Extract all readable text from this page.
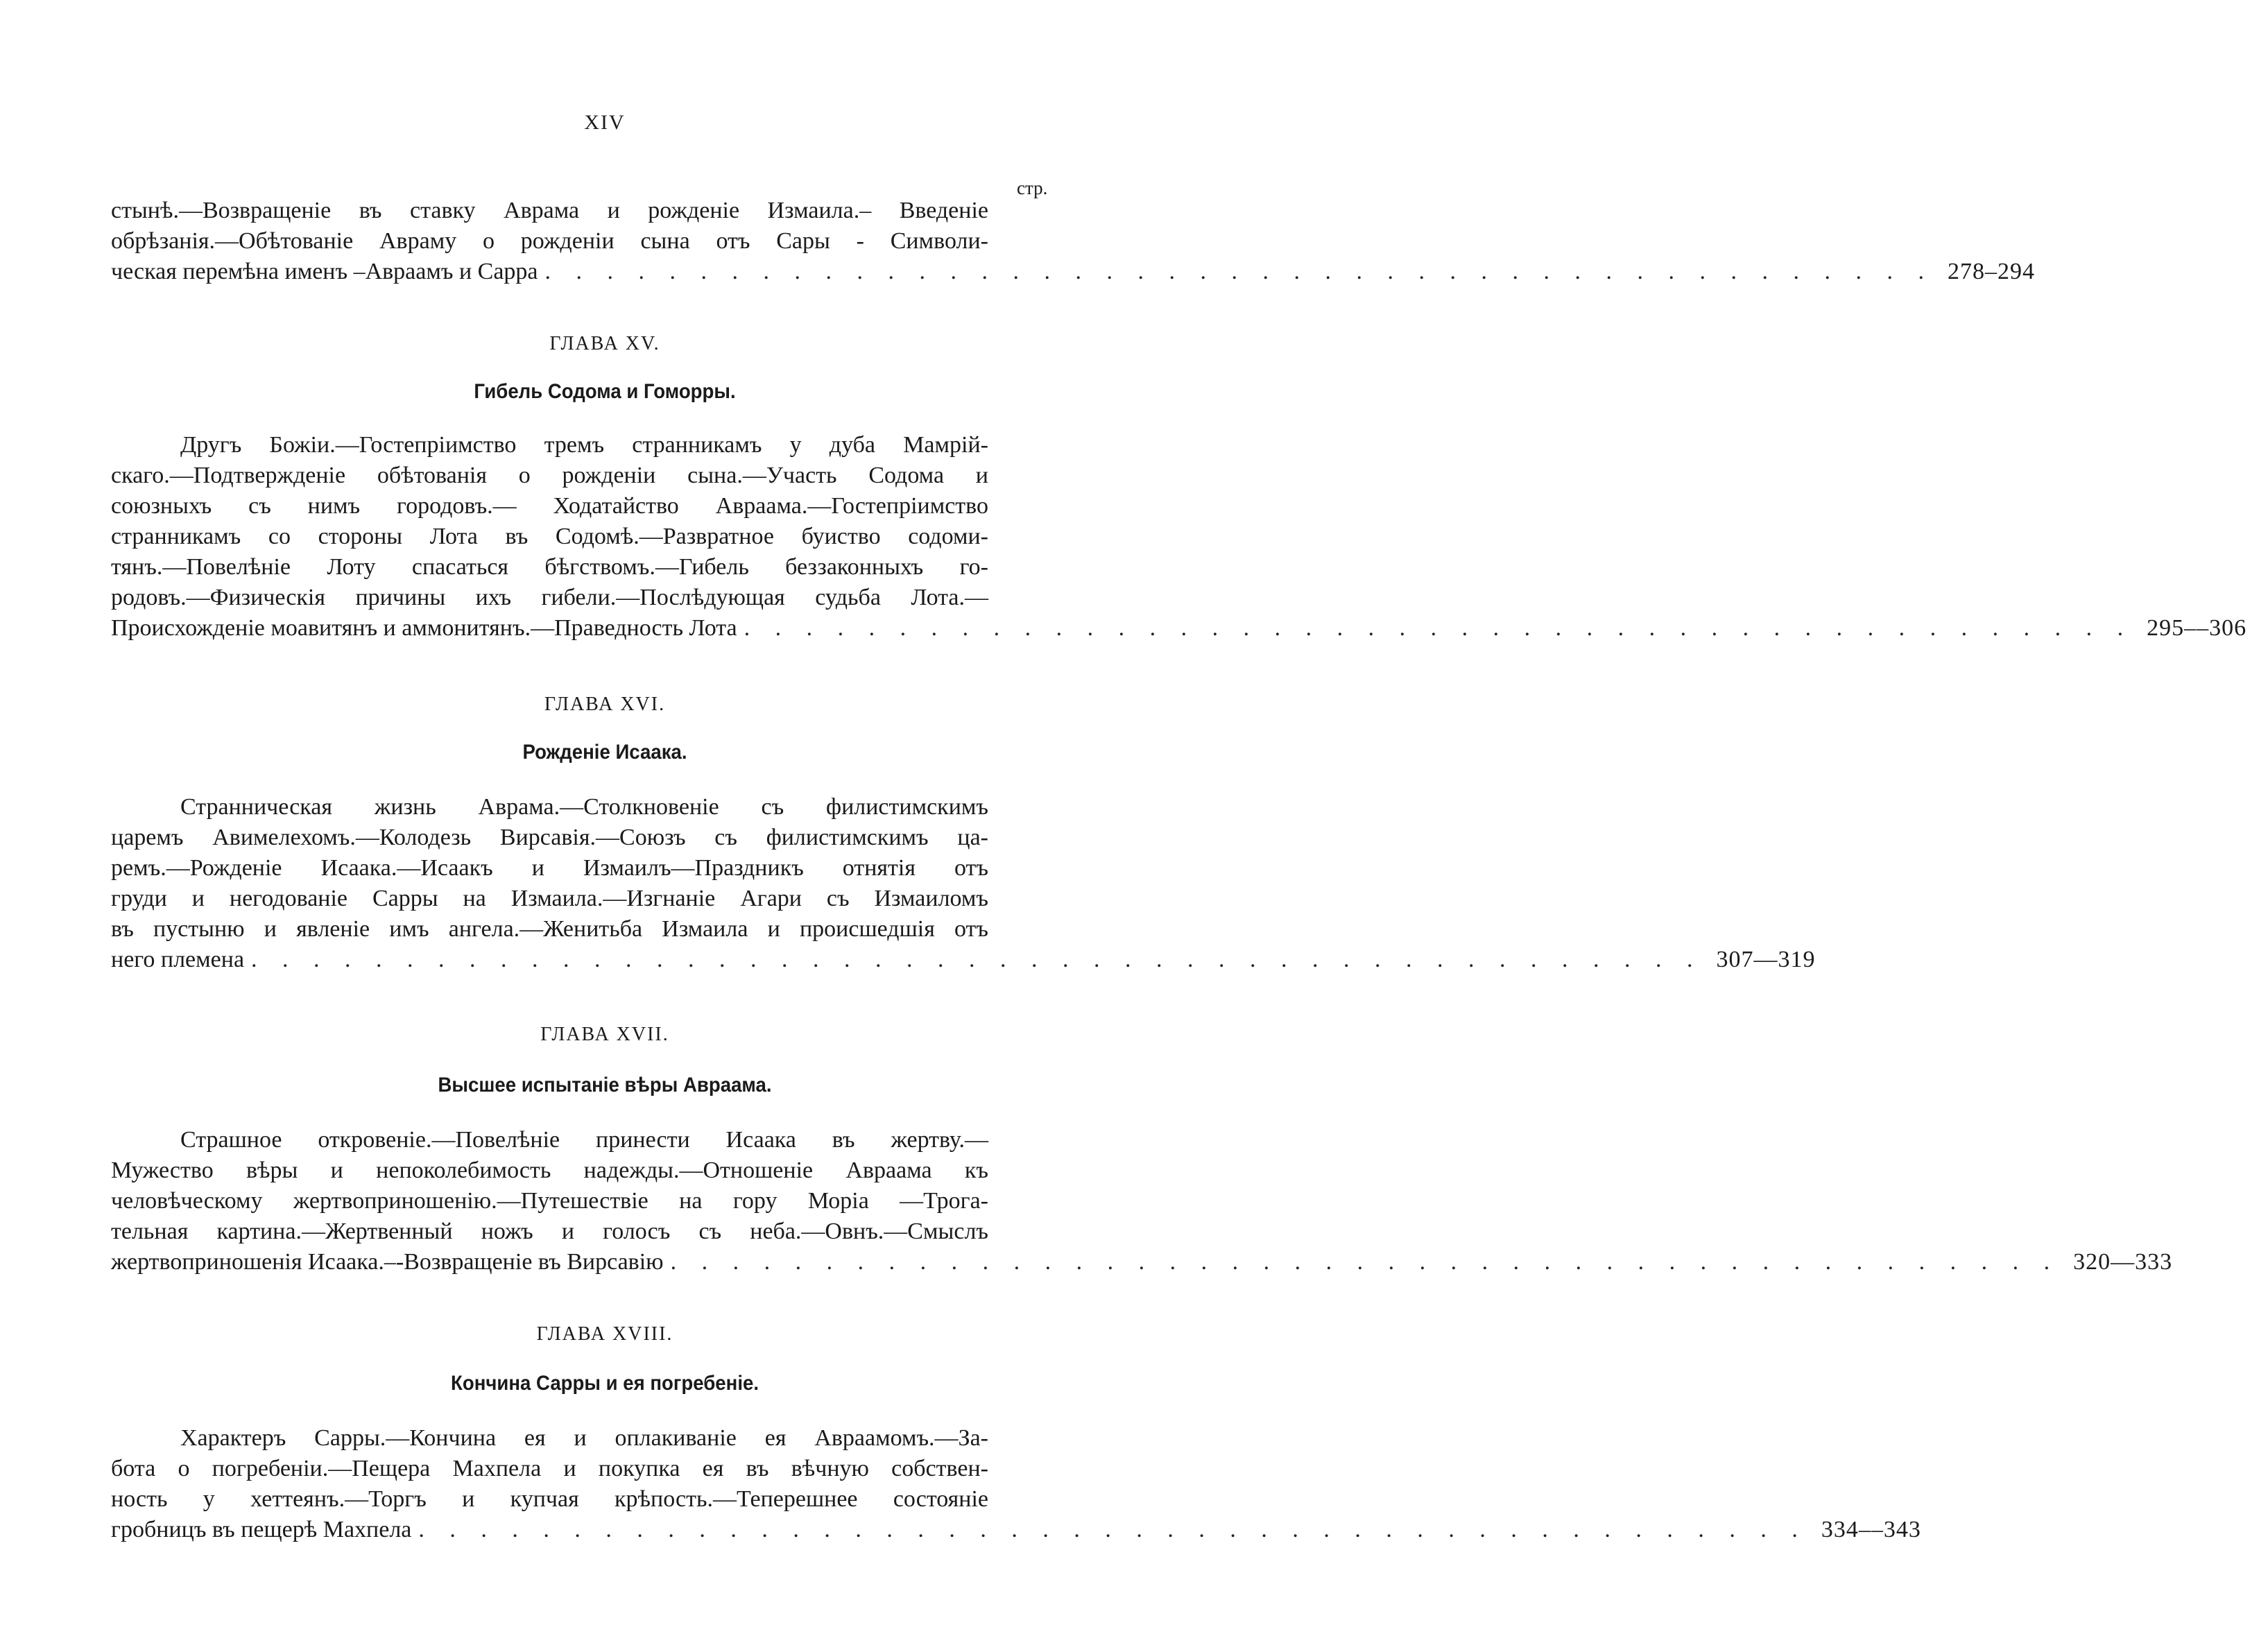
XIV
стр.
стынѣ.—Возвращеніе въ ставку Аврама и рожденіе Измаила.– Введеніе
обрѣзанія.—Обѣтованіе Авраму о рожденіи сына отъ Сары - Символи-
ческая перемѣна именъ –Авраамъ и Сарра . . . . . . . . . . . . . . . . . . . . . . . . . . . . . . . . . . . . . . . . . . . . . 278–294
ГЛАВА XV.
Гибель Содома и Гоморры.
Другъ Божіи.—Гостепріимство тремъ странникамъ у дуба Мамрій-
скаго.—Подтвержденіе обѣтованія о рожденіи сына.—Участь Содома и
союзныхъ съ нимъ городовъ.— Ходатайство Авраама.—Гостепріимство
странникамъ со стороны Лота въ Содомѣ.—Развратное буиство содоми-
тянъ.—Повелѣніе Лоту спасаться бѣгствомъ.—Гибель беззаконныхъ го-
родовъ.—Физическія причины ихъ гибели.—Послѣдующая судьба Лота.—
Происхожденіе моавитянъ и аммонитянъ.—Праведность Лота . . . . . . . . . . . . . . . . . . . . . . . . . . . . . . . . . . . . . . . . . . . . . 295––306
ГЛАВА XVI.
Рожденіе Исаака.
Странническая жизнь Аврама.—Столкновеніе съ филистимскимъ
царемъ Авимелехомъ.—Колодезь Вирсавія.—Союзъ съ филистимскимъ ца-
ремъ.—Рожденіе Исаака.—Исаакъ и Измаилъ––Праздникъ отнятія отъ
груди и негодованіе Сарры на Измаила.—Изгнаніе Агари съ Измаиломъ
въ пустыню и явленіе имъ ангела.—Женитьба Измаила и происшедшія отъ
него племена . . . . . . . . . . . . . . . . . . . . . . . . . . . . . . . . . . . . . . . . . . . . . . . 307—319
ГЛАВА XVII.
Высшее испытаніе вѣры Авраама.
Страшное откровеніе.—Повелѣніе принести Исаака въ жертву.—
Мужество вѣры и непоколебимость надежды.—Отношеніе Авраама къ
человѣческому жертвоприношенію.—Путешествіе на гору Моріа —Трога-
тельная картина.—Жертвенный ножъ и голосъ съ неба.—Овнъ.—Смыслъ
жертвоприношенія Исаака.–-Возвращеніе въ Вирсавію . . . . . . . . . . . . . . . . . . . . . . . . . . . . . . . . . . . . . . . . . . . . . 320—333
ГЛАВА XVIII.
Кончина Сарры и ея погребеніе.
Характеръ Сарры.—Кончина ея и оплакиваніе ея Авраамомъ.—За-
бота о погребеніи.—Пещера Махпела и покупка ея въ вѣчную собствен-
ность у хеттеянъ.—Торгъ и купчая крѣпость.—Теперешнее состояніе
гробницъ въ пещерѣ Махпела . . . . . . . . . . . . . . . . . . . . . . . . . . . . . . . . . . . . . . . . . . . . . 334––343
